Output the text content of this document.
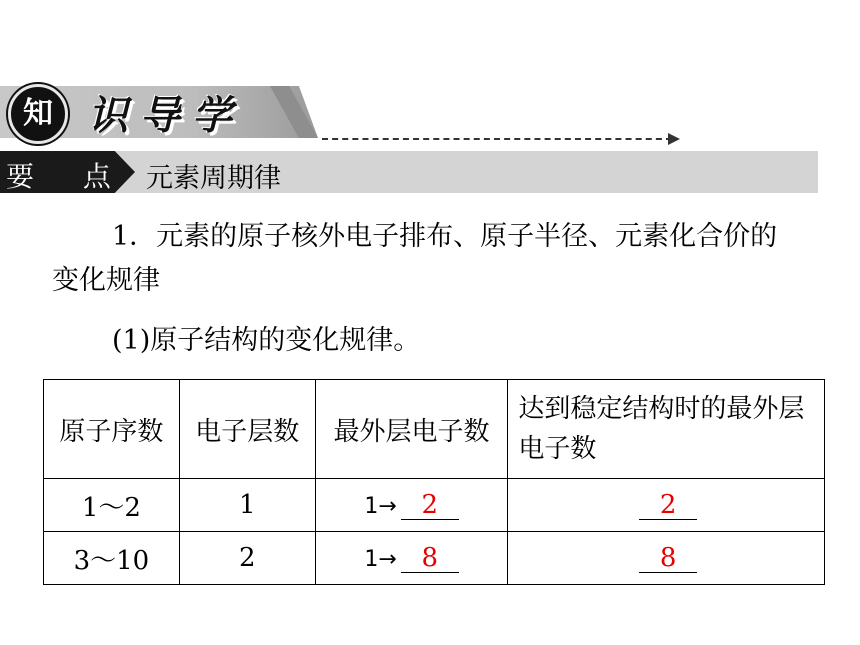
知 识导学
要 点 元素周期律
1．元素的原子核外电子排布、原子半径、元素化合价的
变化规律
(1)原子结构的变化规律。
原子序数	电子层数	最外层电子数	达到稳定结构时的最外层电子数
1～2	1	1→ 2	2
3～10	2	1→ 8	8
